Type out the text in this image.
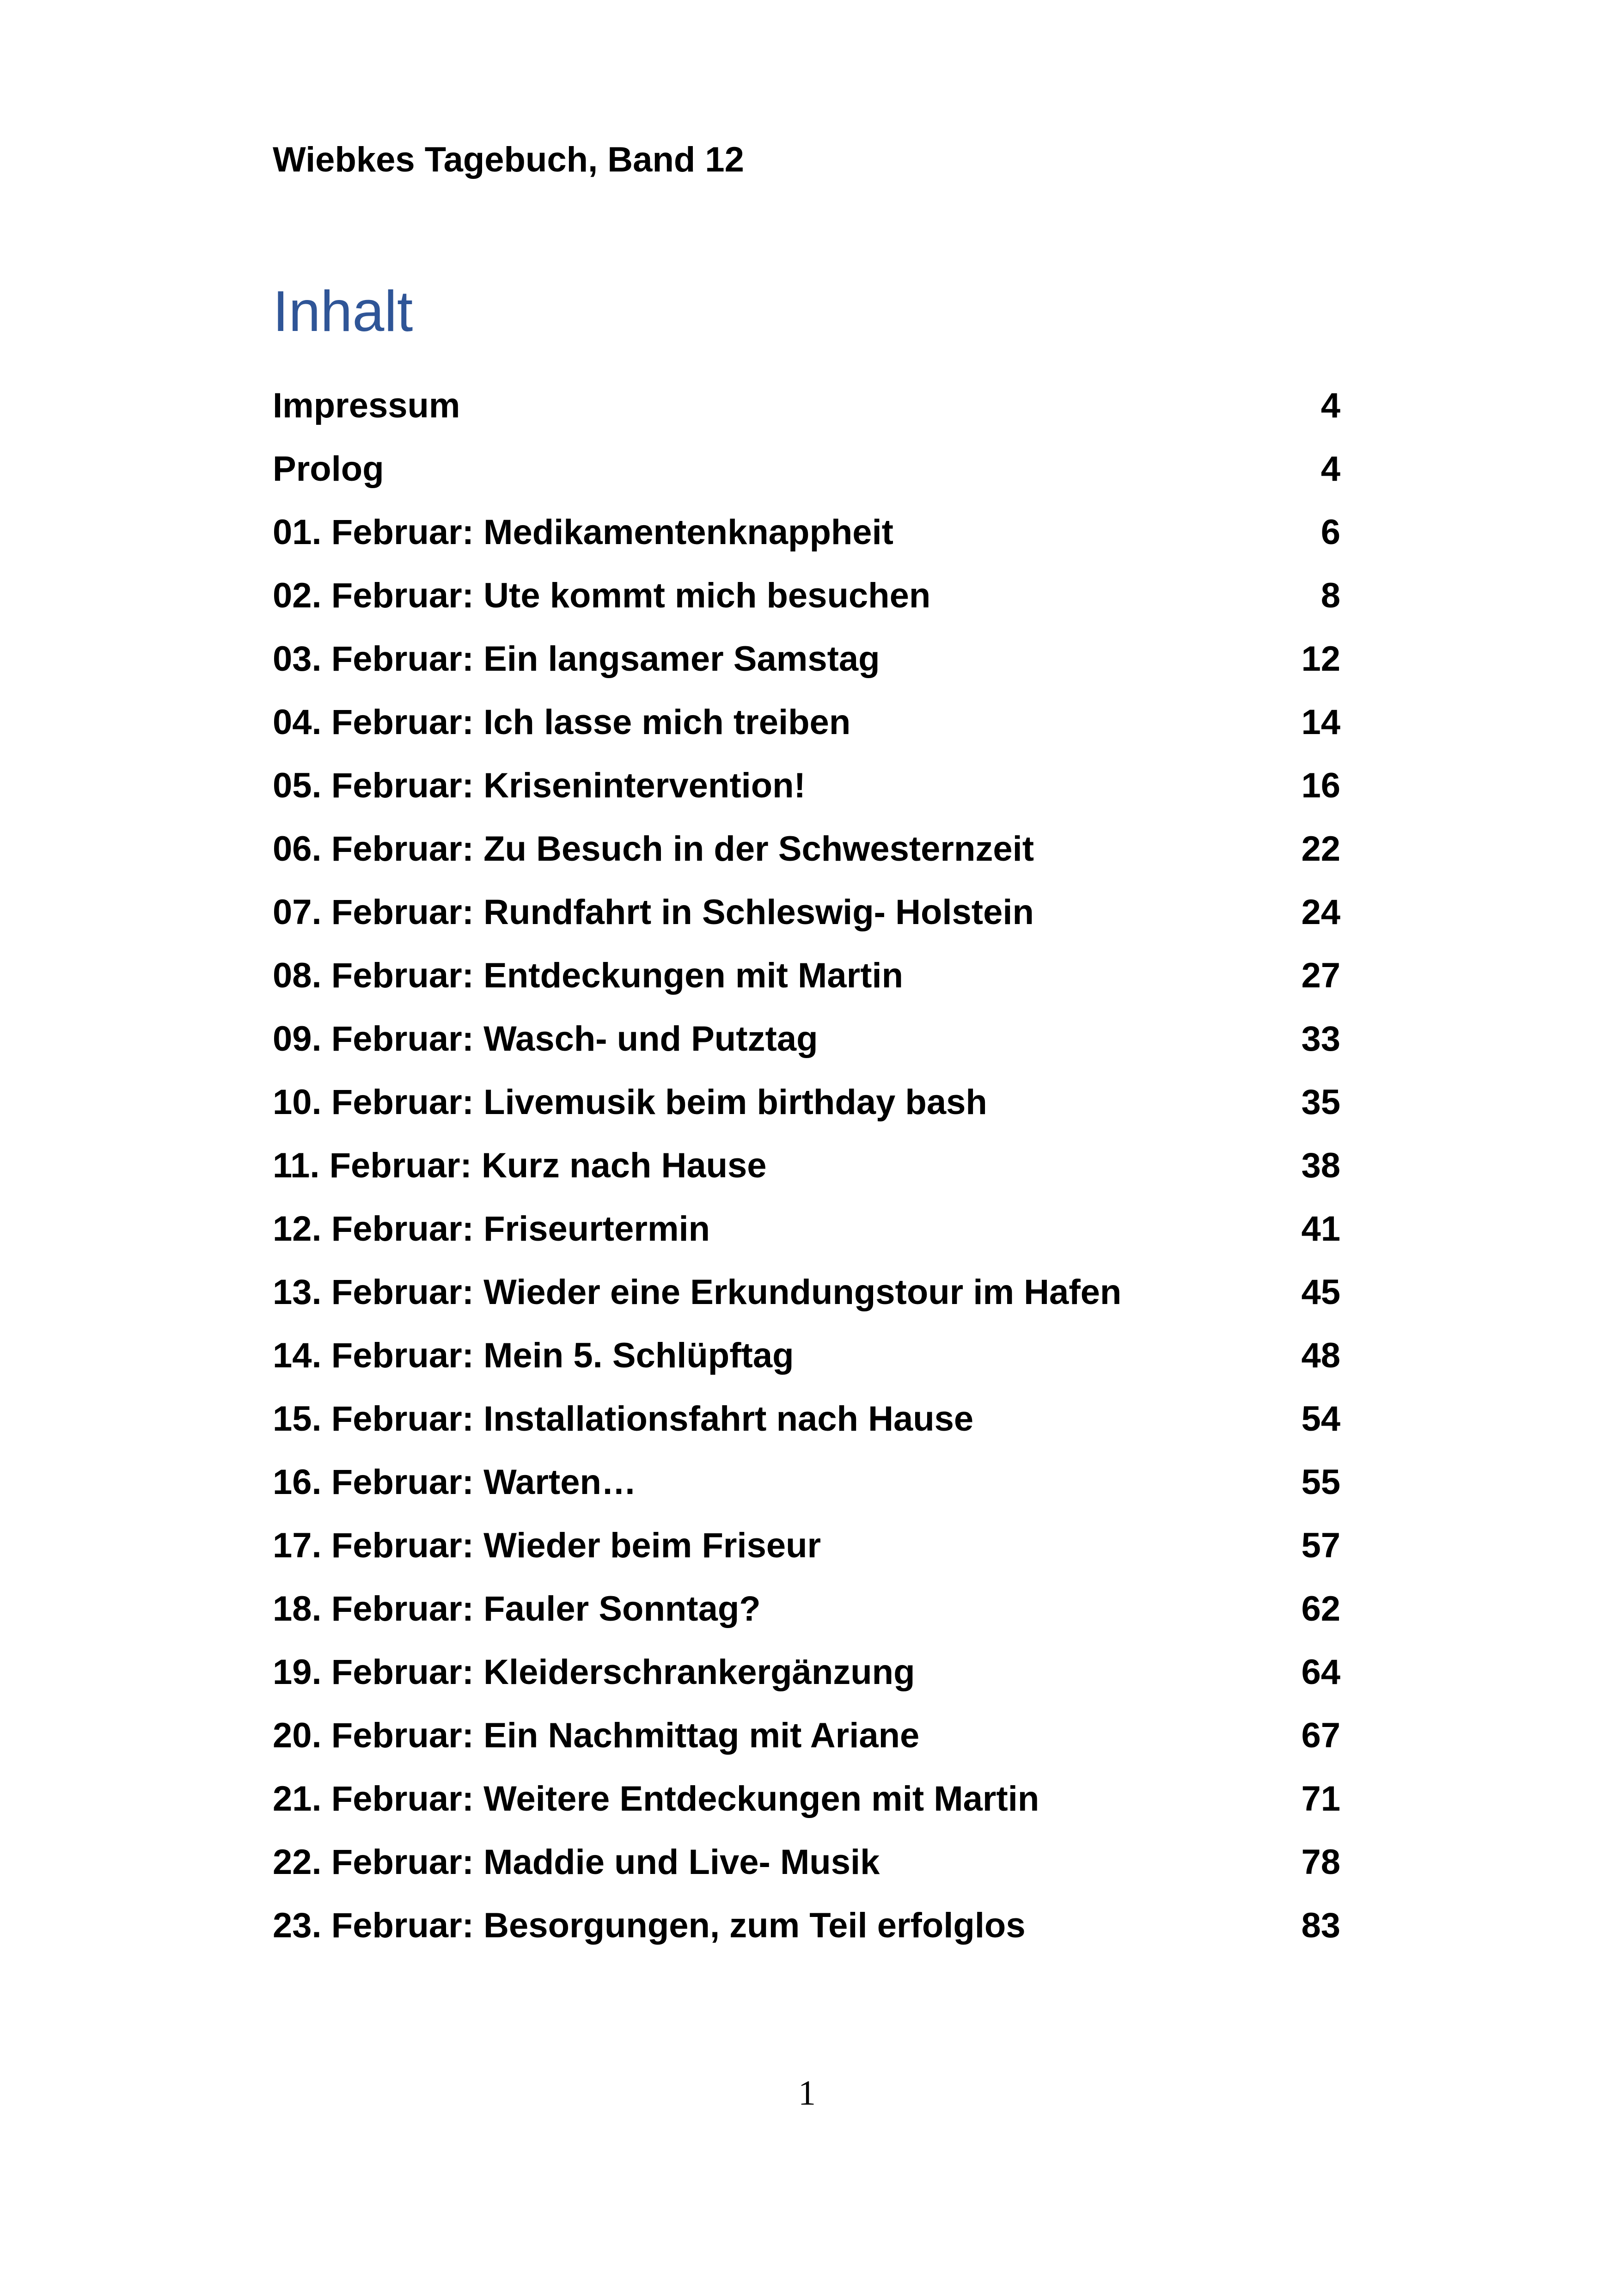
Wiebkes Tagebuch, Band 12
Inhalt
Impressum	4
Prolog	4
01. Februar: Medikamentenknappheit	6
02. Februar: Ute kommt mich besuchen	8
03. Februar: Ein langsamer Samstag	12
04. Februar: Ich lasse mich treiben	14
05. Februar: Krisenintervention!	16
06. Februar: Zu Besuch in der Schwesternzeit	22
07. Februar: Rundfahrt in Schleswig- Holstein	24
08. Februar: Entdeckungen mit Martin	27
09. Februar: Wasch- und Putztag	33
10. Februar: Livemusik beim birthday bash	35
11. Februar: Kurz nach Hause	38
12. Februar: Friseurtermin	41
13. Februar: Wieder eine Erkundungstour im Hafen	45
14. Februar: Mein 5. Schlüpftag	48
15. Februar: Installationsfahrt nach Hause	54
16. Februar: Warten…	55
17. Februar: Wieder beim Friseur	57
18. Februar: Fauler Sonntag?	62
19. Februar: Kleiderschrankergänzung	64
20. Februar: Ein Nachmittag mit Ariane	67
21. Februar: Weitere Entdeckungen mit Martin	71
22. Februar: Maddie und Live- Musik	78
23. Februar: Besorgungen, zum Teil erfolglos	83
1
